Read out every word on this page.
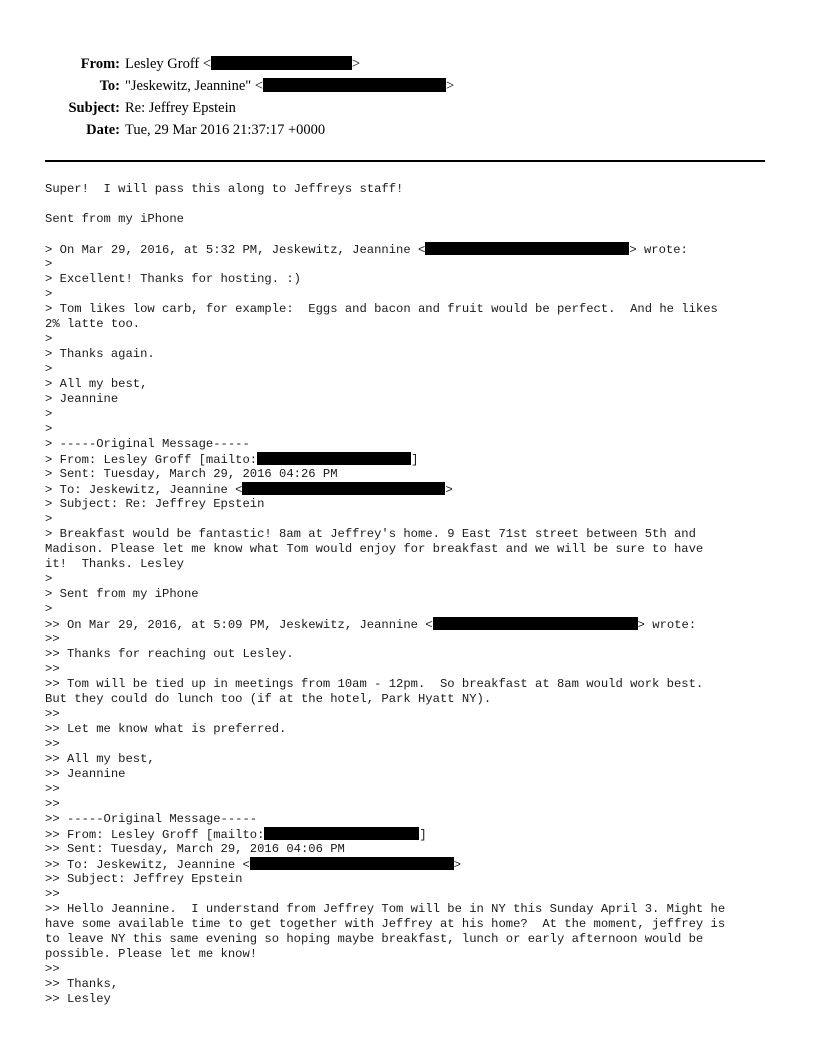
From: Lesley Groff <	>
To: "Jeskewitz, Jeannine" <	>
Subject: Re: Jeffrey Epstein
Date: Tue, 29 Mar 2016 21:37:17 +0000
Super!  I will pass this along to Jeffreys staff!
Sent from my iPhone
> On Mar 29, 2016, at 5:32 PM, Jeskewitz, Jeannine <	> wrote:
>
> Excellent! Thanks for hosting. :)
>
> Tom likes low carb, for example:  Eggs and bacon and fruit would be perfect.  And he likes
2% latte too.
>
> Thanks again.
>
> All my best,
> Jeannine
>
>
> -----Original Message-----
> From: Lesley Groff [mailto:	]
> Sent: Tuesday, March 29, 2016 04:26 PM
> To: Jeskewitz, Jeannine <	>
> Subject: Re: Jeffrey Epstein
>
> Breakfast would be fantastic! 8am at Jeffrey's home. 9 East 71st street between 5th and
Madison. Please let me know what Tom would enjoy for breakfast and we will be sure to have
it!  Thanks. Lesley
>
> Sent from my iPhone
>
>> On Mar 29, 2016, at 5:09 PM, Jeskewitz, Jeannine <	> wrote:
>>
>> Thanks for reaching out Lesley.
>>
>> Tom will be tied up in meetings from 10am - 12pm.  So breakfast at 8am would work best.
But they could do lunch too (if at the hotel, Park Hyatt NY).
>>
>> Let me know what is preferred.
>>
>> All my best,
>> Jeannine
>>
>>
>> -----Original Message-----
>> From: Lesley Groff [mailto:	]
>> Sent: Tuesday, March 29, 2016 04:06 PM
>> To: Jeskewitz, Jeannine <	>
>> Subject: Jeffrey Epstein
>>
>> Hello Jeannine.  I understand from Jeffrey Tom will be in NY this Sunday April 3. Might he
have some available time to get together with Jeffrey at his home?  At the moment, jeffrey is
to leave NY this same evening so hoping maybe breakfast, lunch or early afternoon would be
possible. Please let me know!
>>
>> Thanks,
>> Lesley
